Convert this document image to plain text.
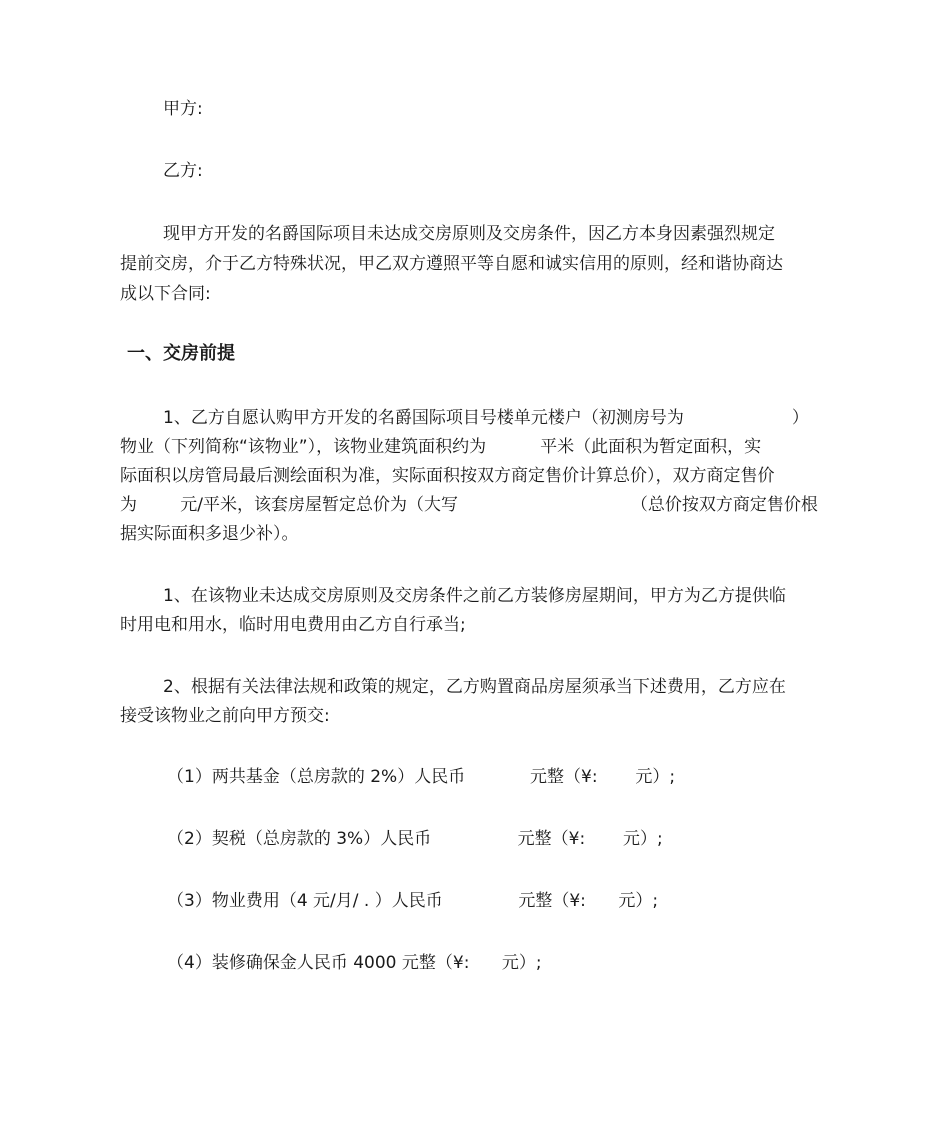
甲方:
乙方:
现甲方开发的名爵国际项目未达成交房原则及交房条件，因乙方本身因素强烈规定
提前交房，介于乙方特殊状况，甲乙双方遵照平等自愿和诚实信用的原则，经和谐协商达
成以下合同:
一、交房前提
1、乙方自愿认购甲方开发的名爵国际项目号楼单元楼户（初测房号为                    ）
物业（下列简称“该物业”），该物业建筑面积约为          平米（此面积为暂定面积，实
际面积以房管局最后测绘面积为准，实际面积按双方商定售价计算总价），双方商定售价
为        元/平米，该套房屋暂定总价为（大写                                （总价按双方商定售价根
据实际面积多退少补）。
1、在该物业未达成交房原则及交房条件之前乙方装修房屋期间，甲方为乙方提供临
时用电和用水，临时用电费用由乙方自行承当;
2、根据有关法律法规和政策的规定，乙方购置商品房屋须承当下述费用，乙方应在
接受该物业之前向甲方预交:
（1）两共基金（总房款的 2%）人民币            元整（¥:       元）;
（2）契税（总房款的 3%）人民币                元整（¥:       元）;
（3）物业费用（4 元/月/ . ）人民币              元整（¥:      元）;
（4）装修确保金人民币 4000 元整（¥:      元）;
